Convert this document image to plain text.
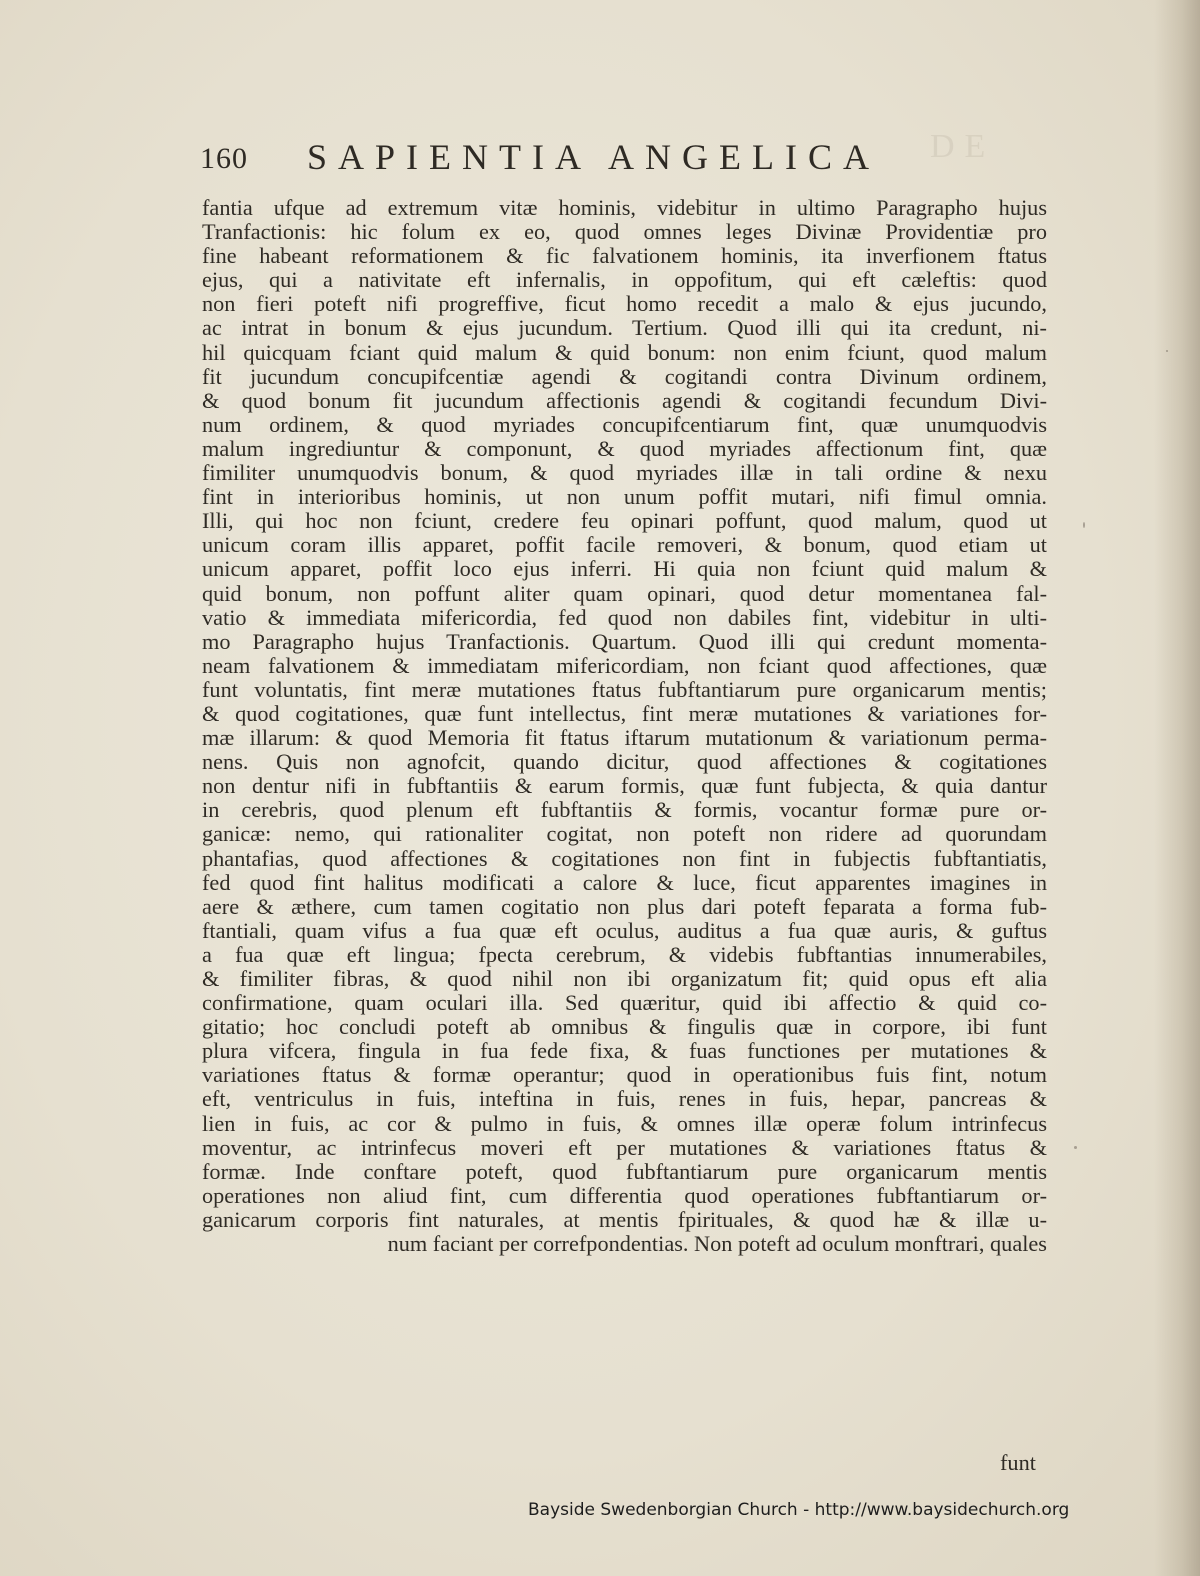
DE
160 SAPIENTIA ANGELICA
fantia ufque ad extremum vitæ hominis, videbitur in ultimo Paragrapho hujus
Tranfactionis: hic folum ex eo, quod omnes leges Divinæ Providentiæ pro
fine habeant reformationem & fic falvationem hominis, ita inverfionem ftatus
ejus, qui a nativitate eft infernalis, in oppofitum, qui eft cæleftis: quod
non fieri poteft nifi progreffive, ficut homo recedit a malo & ejus jucundo,
ac intrat in bonum & ejus jucundum. Tertium. Quod illi qui ita credunt, ni-
hil quicquam fciant quid malum & quid bonum: non enim fciunt, quod malum
fit jucundum concupifcentiæ agendi & cogitandi contra Divinum ordinem,
& quod bonum fit jucundum affectionis agendi & cogitandi fecundum Divi-
num ordinem, & quod myriades concupifcentiarum fint, quæ unumquodvis
malum ingrediuntur & componunt, & quod myriades affectionum fint, quæ
fimiliter unumquodvis bonum, & quod myriades illæ in tali ordine & nexu
fint in interioribus hominis, ut non unum poffit mutari, nifi fimul omnia.
Illi, qui hoc non fciunt, credere feu opinari poffunt, quod malum, quod ut
unicum coram illis apparet, poffit facile removeri, & bonum, quod etiam ut
unicum apparet, poffit loco ejus inferri. Hi quia non fciunt quid malum &
quid bonum, non poffunt aliter quam opinari, quod detur momentanea fal-
vatio & immediata mifericordia, fed quod non dabiles fint, videbitur in ulti-
mo Paragrapho hujus Tranfactionis. Quartum. Quod illi qui credunt momenta-
neam falvationem & immediatam mifericordiam, non fciant quod affectiones, quæ
funt voluntatis, fint meræ mutationes ftatus fubftantiarum pure organicarum mentis;
& quod cogitationes, quæ funt intellectus, fint meræ mutationes & variationes for-
mæ illarum: & quod Memoria fit ftatus iftarum mutationum & variationum perma-
nens. Quis non agnofcit, quando dicitur, quod affectiones & cogitationes
non dentur nifi in fubftantiis & earum formis, quæ funt fubjecta, & quia dantur
in cerebris, quod plenum eft fubftantiis & formis, vocantur formæ pure or-
ganicæ: nemo, qui rationaliter cogitat, non poteft non ridere ad quorundam
phantafias, quod affectiones & cogitationes non fint in fubjectis fubftantiatis,
fed quod fint halitus modificati a calore & luce, ficut apparentes imagines in
aere & æthere, cum tamen cogitatio non plus dari poteft feparata a forma fub-
ftantiali, quam vifus a fua quæ eft oculus, auditus a fua quæ auris, & guftus
a fua quæ eft lingua; fpecta cerebrum, & videbis fubftantias innumerabiles,
& fimiliter fibras, & quod nihil non ibi organizatum fit; quid opus eft alia
confirmatione, quam oculari illa. Sed quæritur, quid ibi affectio & quid co-
gitatio; hoc concludi poteft ab omnibus & fingulis quæ in corpore, ibi funt
plura vifcera, fingula in fua fede fixa, & fuas functiones per mutationes &
variationes ftatus & formæ operantur; quod in operationibus fuis fint, notum
eft, ventriculus in fuis, inteftina in fuis, renes in fuis, hepar, pancreas &
lien in fuis, ac cor & pulmo in fuis, & omnes illæ operæ folum intrinfecus
moventur, ac intrinfecus moveri eft per mutationes & variationes ftatus &
formæ. Inde conftare poteft, quod fubftantiarum pure organicarum mentis
operationes non aliud fint, cum differentia quod operationes fubftantiarum or-
ganicarum corporis fint naturales, at mentis fpirituales, & quod hæ & illæ u-
num faciant per correfpondentias. Non poteft ad oculum monftrari, quales
funt
Bayside Swedenborgian Church - http://www.baysidechurch.org
